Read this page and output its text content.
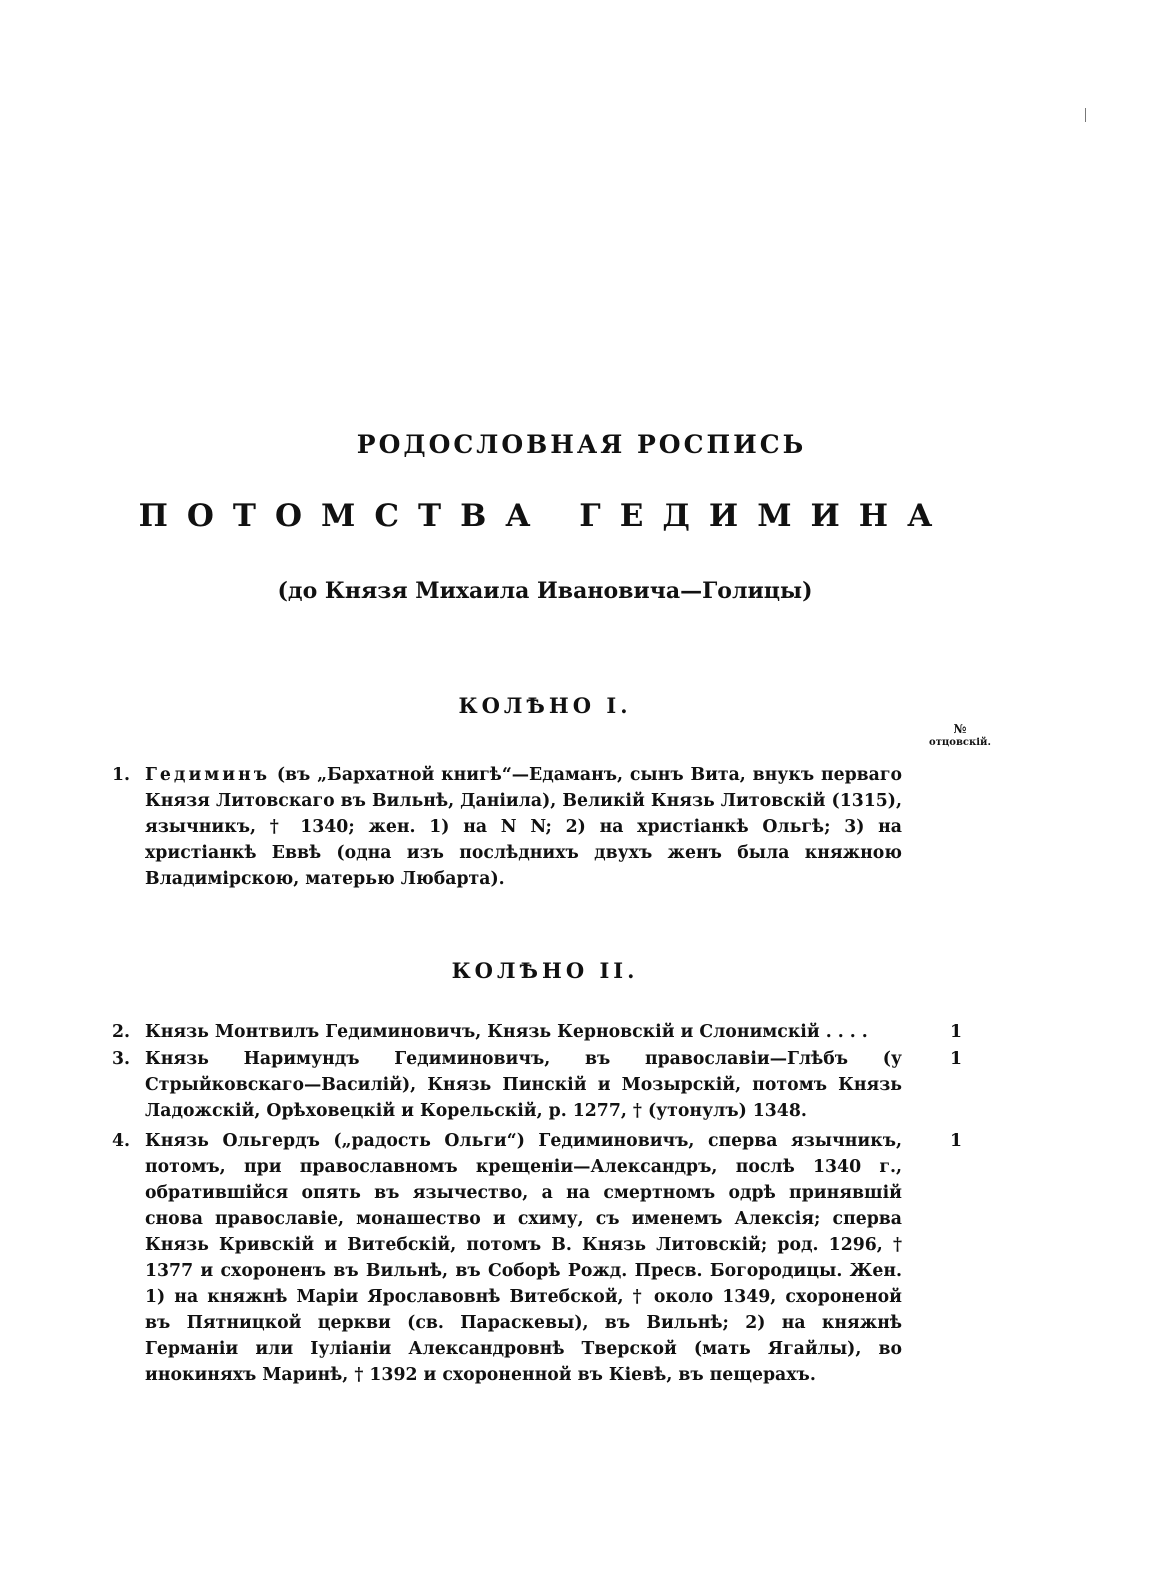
РОДОСЛОВНАЯ РОСПИСЬ
ПОТОМСТВА ГЕДИМИНА
(до Князя Михаила Ивановича—Голицы)
КОЛѢНО I.
№
отцовскій.
1. Гедиминъ (въ „Бархатной книгѣ“—Едаманъ, сынъ Вита, внукъ перваго Князя Литовскаго въ Вильнѣ, Даніила), Великій Князь Литовскій (1315), язычникъ, † 1340; жен. 1) на N N; 2) на христіанкѣ Ольгѣ; 3) на христіанкѣ Еввѣ (одна изъ послѣднихъ двухъ женъ была княжною Владимірскою, матерью Любарта).
КОЛѢНО II.
2. Князь Монтвилъ Гедиминовичъ, Князь Керновскій и Слонимскій . . . .	1
3. Князь Наримундъ Гедиминовичъ, въ православіи—Глѣбъ (у Стрыйковскаго—Василій), Князь Пинскій и Мозырскій, потомъ Князь Ладожскій, Орѣховецкій и Корельскій, р. 1277, † (утонулъ) 1348.
1
4. Князь Ольгердъ („радость Ольги“) Гедиминовичъ, сперва язычникъ, потомъ, при православномъ крещеніи—Александръ, послѣ 1340 г., обратившійся опять въ язычество, а на смертномъ одрѣ принявшій снова православіе, монашество и схиму, съ именемъ Алексія; сперва Князь Кривскій и Витебскій, потомъ В. Князь Литовскій; род. 1296, † 1377 и схороненъ въ Вильнѣ, въ Соборѣ Рожд. Пресв. Богородицы. Жен. 1) на княжнѣ Маріи Ярославовнѣ Витебской, † около 1349, схороненой въ Пятницкой церкви (св. Параскевы), въ Вильнѣ; 2) на княжнѣ Германіи или Іуліаніи Александровнѣ Тверской (мать Ягайлы), во инокиняхъ Маринѣ, † 1392 и схороненной въ Кіевѣ, въ пещерахъ.
1
